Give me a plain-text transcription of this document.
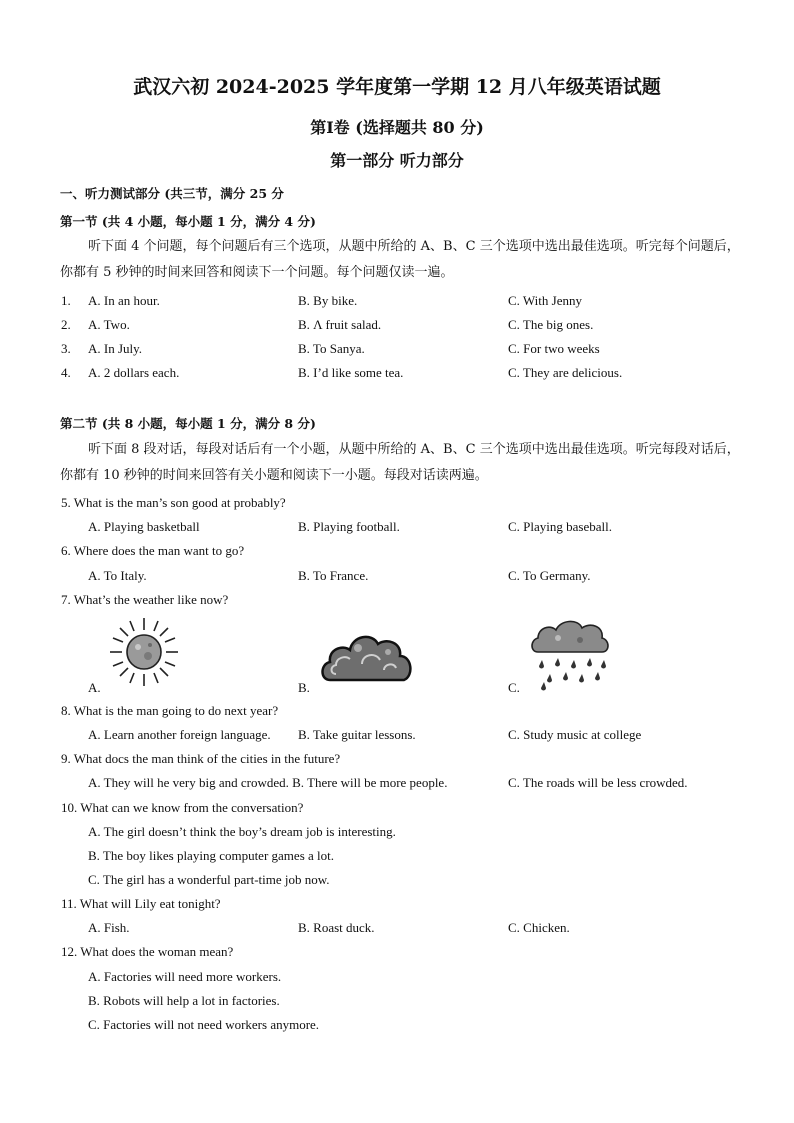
武汉六初 2024-2025 学年度第一学期 12 月八年级英语试题
第Ⅰ卷 (选择题共 80 分)
第一部分 听力部分
一、听力测试部分 (共三节，满分 25 分
第一节 (共 4 小题，每小题 1 分，满分 4 分)
听下面 4 个问题，每个问题后有三个选项，从题中所给的 A、B、C 三个选项中选出最佳选项。听完每个问题后，你都有 5 秒钟的时间来回答和阅读下一个问题。每个问题仅读一遍。
1. A. In an hour.	B. By bike.	C. With Jenny
2. A. Two.	B. Λ fruit salad.	C. The big ones.
3. A. In July.	B. To Sanya.	C. For two weeks
4. A. 2 dollars each.	B. I’d like some tea.	C. They are delicious.
第二节 (共 8 小题，每小题 1 分，满分 8 分)
听下面 8 段对话，每段对话后有一个小题，从题中所给的 A、B、C 三个选项中选出最佳选项。听完每段对话后，你都有 10 秒钟的时间来回答有关小题和阅读下一小题。每段对话读两遍。
5. What is the man’s son good at probably?
A. Playing basketball	B. Playing football.	C. Playing baseball.
6. Where does the man want to go?
A. To Italy.	B. To France.	C. To Germany.
7. What’s the weather like now?
A.	B.	C.
8. What is the man going to do next year?
A. Learn another foreign language. B. Take guitar lessons.	C. Study music at college
9. What docs the man think of the cities in the future?
A. They will he very big and crowded. B. There will be more people.	C. The roads will be less crowded.
10. What can we know from the conversation?
A. The girl doesn’t think the boy’s dream job is interesting.
B. The boy likes playing computer games a lot.
C. The girl has a wonderful part-time job now.
11. What will Lily eat tonight?
A. Fish.	B. Roast duck.	C. Chicken.
12. What does the woman mean?
A. Factories will need more workers.
B. Robots will help a lot in factories.
C. Factories will not need workers anymore.
